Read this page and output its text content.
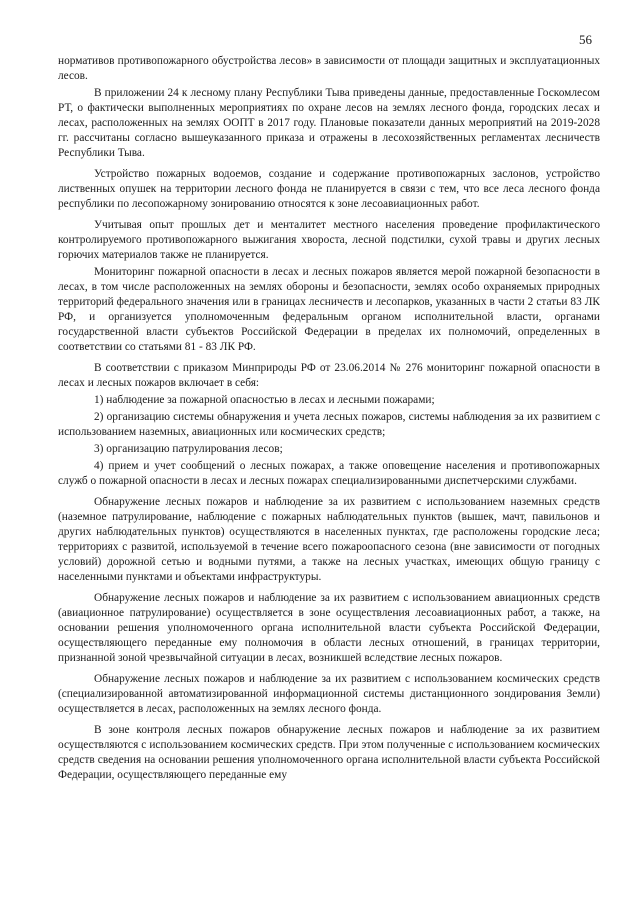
56

нормативов противопожарного обустройства лесов» в зависимости от площади защитных и эксплуатационных лесов.

В приложении 24 к лесному плану Республики Тыва приведены данные, предоставленные Госкомлесом РТ, о фактически выполненных мероприятиях по охране лесов на землях лесного фонда, городских лесах и лесах, расположенных на землях ООПТ в 2017 году. Плановые показатели данных мероприятий на 2019-2028 гг. рассчитаны согласно вышеуказанного приказа и отражены в лесохозяйственных регламентах лесничеств Республики Тыва.

Устройство пожарных водоемов, создание и содержание противопожарных заслонов, устройство лиственных опушек на территории лесного фонда не планируется в связи с тем, что все леса лесного фонда республики по лесопожарному зонированию относятся к зоне лесоавиационных работ.

Учитывая опыт прошлых дет и менталитет местного населения проведение профилактического контролируемого противопожарного выжигания хвороста, лесной подстилки, сухой травы и других лесных горючих материалов также не планируется.

Мониторинг пожарной опасности в лесах и лесных пожаров является мерой пожарной безопасности в лесах, в том числе расположенных на землях обороны и безопасности, землях особо охраняемых природных территорий федерального значения или в границах лесничеств и лесопарков, указанных в части 2 статьи 83 ЛК РФ, и организуется уполномоченным федеральным органом исполнительной власти, органами государственной власти субъектов Российской Федерации в пределах их полномочий, определенных в соответствии со статьями 81 - 83 ЛК РФ.

В соответствии с приказом Минприроды РФ от 23.06.2014 № 276 мониторинг пожарной опасности в лесах и лесных пожаров включает в себя:

1) наблюдение за пожарной опасностью в лесах и лесными пожарами;

2) организацию системы обнаружения и учета лесных пожаров, системы наблюдения за их развитием с использованием наземных, авиационных или космических средств;

3) организацию патрулирования лесов;

4) прием и учет сообщений о лесных пожарах, а также оповещение населения и противопожарных служб о пожарной опасности в лесах и лесных пожарах специализированными диспетчерскими службами.

Обнаружение лесных пожаров и наблюдение за их развитием с использованием наземных средств (наземное патрулирование, наблюдение с пожарных наблюдательных пунктов (вышек, мачт, павильонов и других наблюдательных пунктов) осуществляются в населенных пунктах, где расположены городские леса; территориях с развитой, используемой в течение всего пожароопасного сезона (вне зависимости от погодных условий) дорожной сетью и водными путями, а также на лесных участках, имеющих общую границу с населенными пунктами и объектами инфраструктуры.

Обнаружение лесных пожаров и наблюдение за их развитием с использованием авиационных средств (авиационное патрулирование) осуществляется в зоне осуществления лесоавиационных работ, а также, на основании решения уполномоченного органа исполнительной власти субъекта Российской Федерации, осуществляющего переданные ему полномочия в области лесных отношений, в границах территории, признанной зоной чрезвычайной ситуации в лесах, возникшей вследствие лесных пожаров.

Обнаружение лесных пожаров и наблюдение за их развитием с использованием космических средств (специализированной автоматизированной информационной системы дистанционного зондирования Земли) осуществляется в лесах, расположенных на землях лесного фонда.

В зоне контроля лесных пожаров обнаружение лесных пожаров и наблюдение за их развитием осуществляются с использованием космических средств. При этом полученные с использованием космических средств сведения на основании решения уполномоченного органа исполнительной власти субъекта Российской Федерации, осуществляющего переданные ему
